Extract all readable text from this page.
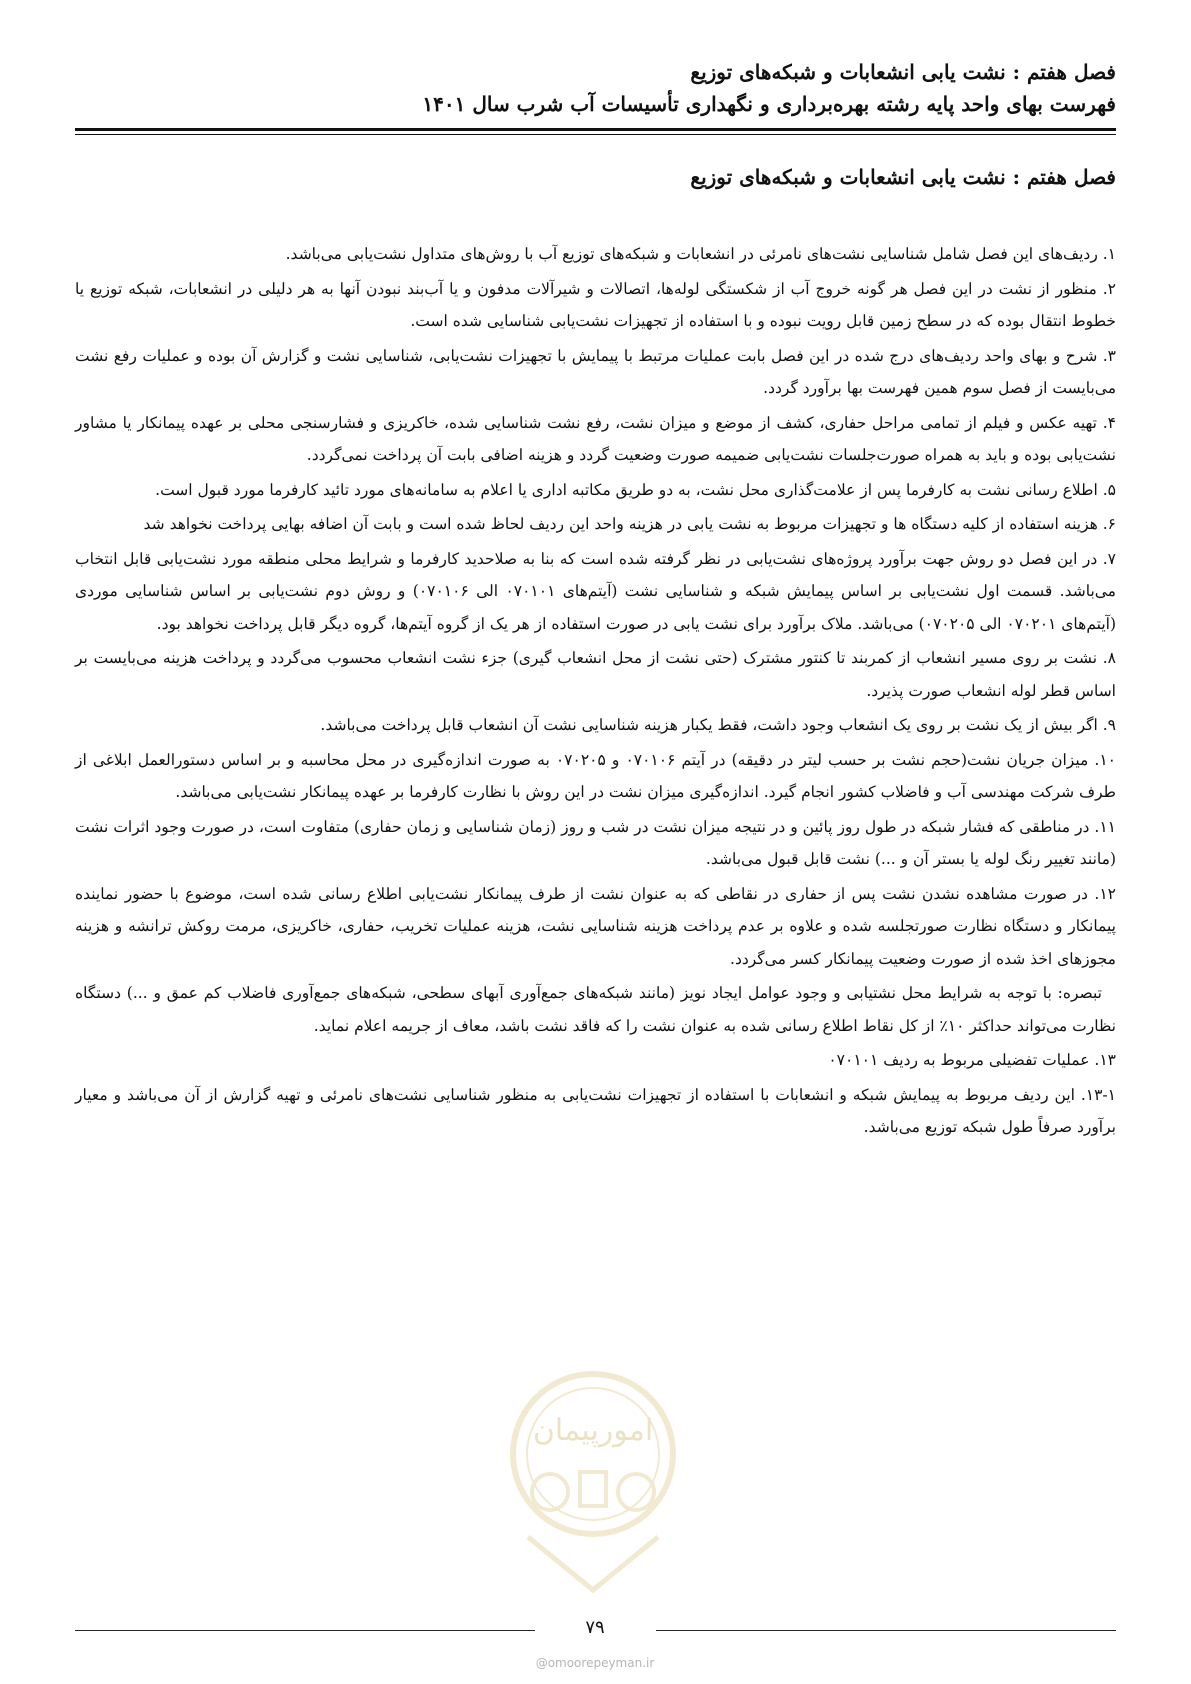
فصل هفتم : نشت یابی انشعابات و شبکه‌های توزیع
فهرست بهای واحد پایه رشته بهره‌برداری و نگهداری تأسیسات آب شرب سال ۱۴۰۱
فصل هفتم : نشت یابی انشعابات و شبکه‌های توزیع

۱. ردیف‌های این فصل شامل شناسایی نشت‌های نامرئی در انشعابات و شبکه‌های توزیع آب با روش‌های متداول نشت‌یابی می‌باشد.

۲. منظور از نشت در این فصل هر گونه خروج آب از شکستگی لوله‌ها، اتصالات و شیرآلات مدفون و یا آب‌بند نبودن آنها به هر دلیلی در انشعابات، شبکه توزیع یا خطوط انتقال بوده که در سطح زمین قابل رویت نبوده و با استفاده از تجهیزات نشت‌یابی شناسایی شده است.

۳. شرح و بهای واحد ردیف‌های درج شده در این فصل بابت عملیات مرتبط با پیمایش با تجهیزات نشت‌یابی، شناسایی نشت و گزارش آن بوده و عملیات رفع نشت می‌بایست از فصل سوم همین فهرست بها برآورد گردد.

۴. تهیه عکس و فیلم از تمامی مراحل حفاری، کشف از موضع و میزان نشت، رفع نشت شناسایی شده، خاکریزی و فشارسنجی محلی بر عهده پیمانکار یا مشاور نشت‌یابی بوده و باید به همراه صورت‌جلسات نشت‌یابی ضمیمه صورت وضعیت گردد و هزینه اضافی بابت آن پرداخت نمی‌گردد.

۵. اطلاع رسانی نشت به کارفرما پس از علامت‌گذاری محل نشت، به دو طریق مکاتبه اداری یا اعلام به سامانه‌های مورد تائید کارفرما مورد قبول است.

۶. هزینه استفاده از کلیه دستگاه ها و تجهیزات مربوط به نشت یابی در هزینه واحد این ردیف لحاظ شده است و بابت آن اضافه بهایی پرداخت نخواهد شد

۷. در این فصل دو روش جهت برآورد پروژه‌های نشت‌یابی در نظر گرفته شده است که بنا به صلاحدید کارفرما و شرایط محلی منطقه مورد نشت‌یابی قابل انتخاب می‌باشد. قسمت اول نشت‌یابی بر اساس پیمایش شبکه و شناسایی نشت (آیتم‌های ۰۷۰۱۰۱ الی ۰۷۰۱۰۶) و روش دوم نشت‌یابی بر اساس شناسایی موردی (آیتم‌های ۰۷۰۲۰۱ الی ۰۷۰۲۰۵) می‌باشد. ملاک برآورد برای نشت یابی در صورت استفاده از هر یک از گروه آیتم‌ها، گروه دیگر قابل پرداخت نخواهد بود.

۸. نشت بر روی مسیر انشعاب از کمربند تا کنتور مشترک (حتی نشت از محل انشعاب گیری) جزء نشت انشعاب محسوب می‌گردد و پرداخت هزینه می‌بایست بر اساس قطر لوله انشعاب صورت پذیرد.

۹. اگر بیش از یک نشت بر روی یک انشعاب وجود داشت، فقط یکبار هزینه شناسایی نشت آن انشعاب قابل پرداخت می‌باشد.

۱۰. میزان جریان نشت(حجم نشت بر حسب لیتر در دقیقه) در آیتم ۰۷۰۱۰۶ و ۰۷۰۲۰۵ به صورت اندازه‌گیری در محل محاسبه و بر اساس دستورالعمل ابلاغی از طرف شرکت مهندسی آب و فاضلاب کشور انجام گیرد. اندازه‌گیری میزان نشت در این روش با نظارت کارفرما بر عهده پیمانکار نشت‌یابی می‌باشد.

۱۱. در مناطقی که فشار شبکه در طول روز پائین و در نتیجه میزان نشت در شب و روز (زمان شناسایی و زمان حفاری) متفاوت است، در صورت وجود اثرات نشت (مانند تغییر رنگ لوله یا بستر آن و ...) نشت قابل قبول می‌باشد.

۱۲. در صورت مشاهده نشدن نشت پس از حفاری در نقاطی که به عنوان نشت از طرف پیمانکار نشت‌یابی اطلاع رسانی شده است، موضوع با حضور نماینده پیمانکار و دستگاه نظارت صورتجلسه شده و علاوه بر عدم پرداخت هزینه شناسایی نشت، هزینه عملیات تخریب، حفاری، خاکریزی، مرمت روکش ترانشه و هزینه مجوزهای اخذ شده از صورت وضعیت پیمانکار کسر می‌گردد.

تبصره: با توجه به شرایط محل نشتیابی و وجود عوامل ایجاد نویز (مانند شبکه‌های جمع‌آوری آبهای سطحی، شبکه‌های جمع‌آوری فاضلاب کم عمق و ...) دستگاه نظارت می‌تواند حداکثر ۱۰٪ از کل نقاط اطلاع رسانی شده به عنوان نشت را که فاقد نشت باشد، معاف از جریمه اعلام نماید.

۱۳. عملیات تفضیلی مربوط به ردیف ۰۷۰۱۰۱

۱۳-۱. این ردیف مربوط به پیمایش شبکه و انشعابات با استفاده از تجهیزات نشت‌یابی به منظور شناسایی نشت‌های نامرئی و تهیه گزارش از آن می‌باشد و معیار برآورد صرفاً طول شبکه توزیع می‌باشد.

امورپیمان
۷۹
@omoorepeyman.ir
